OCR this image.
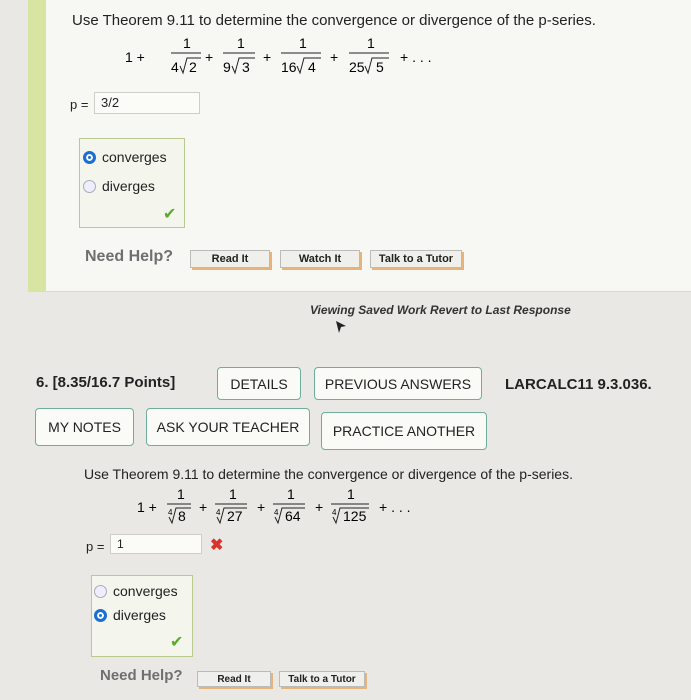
Use Theorem 9.11 to determine the convergence or divergence of the p-series.
1 +
1
4 2
+
1
9 3
+
1
16 4
+
1
25 5
+ . . .
p = 3/2
converges
diverges
✔
Need Help?	Read It	Watch It	Talk to a Tutor
Viewing Saved Work Revert to Last Response
6. [8.35/16.7 Points]	DETAILS	PREVIOUS ANSWERS	LARCALC11 9.3.036.
MY NOTES	ASK YOUR TEACHER	PRACTICE ANOTHER
Use Theorem 9.11 to determine the convergence or divergence of the p-series.
1 +
1
4 8
+
1
4 27
+
1
4 64
+
1
4 125
+ . . .
p =	1	✖
converges
diverges
✔
Need Help?	Read It	Talk to a Tutor
